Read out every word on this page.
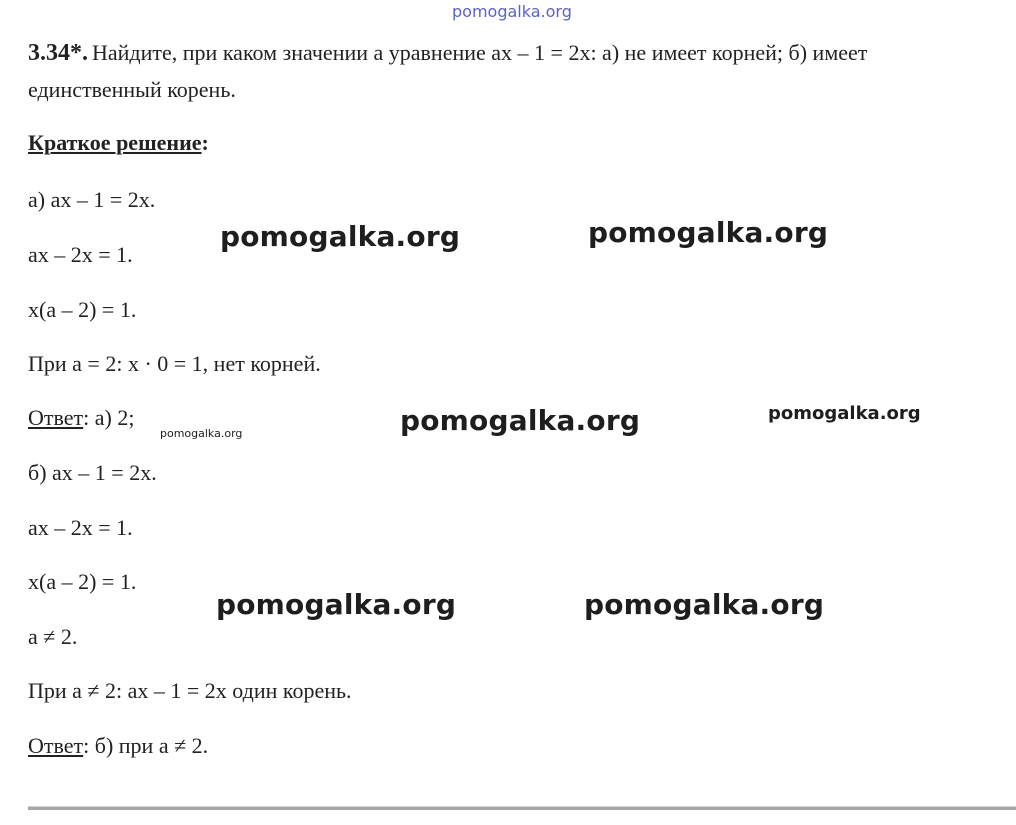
pomogalka.org
3.34*. Найдите, при каком значении а уравнение ах – 1 = 2х: а) не имеет корней; б) имеет
единственный корень.
Краткое решение:
а) ах – 1 = 2х.
ах – 2х = 1.
х(а – 2) = 1.
При а = 2: х · 0 = 1, нет корней.
Ответ: а) 2;
б) ах – 1 = 2х.
ах – 2х = 1.
х(а – 2) = 1.
а ≠ 2.
При а ≠ 2: ах – 1 = 2х один корень.
Ответ: б) при а ≠ 2.
pomogalka.org	pomogalka.org
pomogalka.org	pomogalka.org
pomogalka.org
pomogalka.org	pomogalka.org
